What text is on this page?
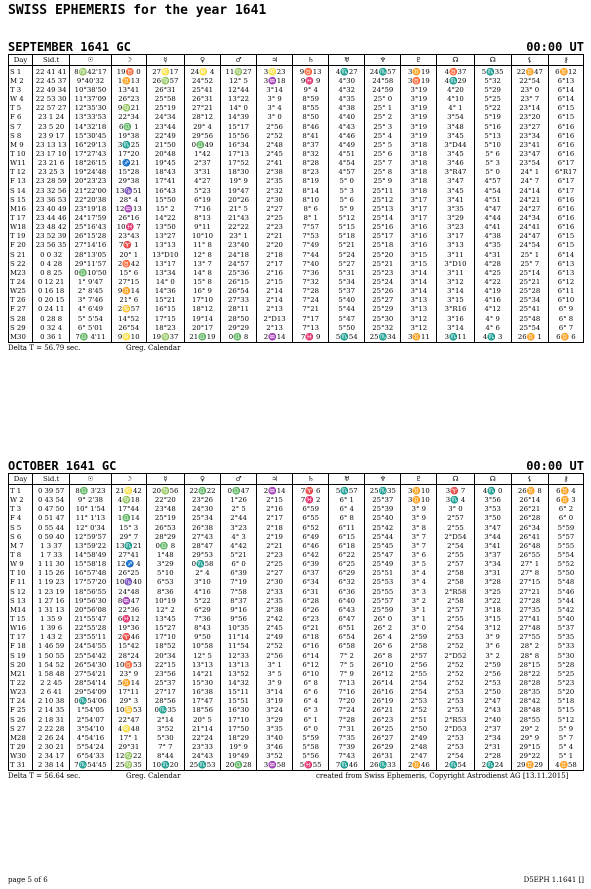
SWISS EPHEMERIS for the year 1641
SEPTEMBER 1641 GC	00:00 UT
Day	Sid.t	☉	☽	☿	♀	♂	♃	♄	♅	♆	♇	☊	☊	⚸	⚷
S 1	22 41 41	8♍42'17	19♉ 0	27♌17	24♌ 4	11♍27	3♌23	9♉13	4♏27	24♏57	3♊19	4♉37	5♏35	22♊47	6♊12
M 2	22 45 37	9°40'32	1♊13	26♍57	24°52	12° 5	3♒18	9♓ 9	4°30	24°58	3♉19	4♏29	5°32	22°54	6°13
T 3	22 49 34	10°38'50	13°41	26°31	25°41	12°44	3°14	9° 4	4°32	24°59	3°19	4°20	5°29	23° 0	6°14
W 4	22 53 30	11°37'09	26°23	25°58	26°31	13°22	3° 9	8°59	4°35	25° 0	3°19	4°10	5°25	23° 7	6°14
T 5	22 57 27	12°35'30	9♍21	25°19	27°21	14° 0	3° 4	8°55	4°38	25° 1	3°19	4° 1	5°22	23°14	6°15
F 6	23 1 24	13°33'53	22°34	24°34	28°12	14°39	3° 0	8°50	4°40	25° 2	3°19	3°54	5°19	23°20	6°15
S 7	23 5 20	14°32'18	6♎ 1	23°44	29° 4	15°17	2°56	8°46	4°43	25° 3	3°19	3°48	5°16	23°27	6°16
S 8	23 9 17	15°30'45	19°38	22°49	29°56	15°56	2°52	8°41	4°46	25° 4	3°19	3°45	5°13	23°34	6°16
M 9	23 13 13	16°29'13	3♏25	21°50	0♎49	16°34	2°48	8°37	4°49	25° 5	3°18	3°D44	5°10	23°41	6°16
T 10	23 17 10	17°27'43	17°20	20°48	1°42	17°13	2°45	8°32	4°51	25° 6	3°18	3°45	5° 6	23°47	6°16
W11	23 21 6	18°26'15	1♐21	19°45	2°37	17°52	2°41	8°28	4°54	25° 7	3°18	3°46	5° 3	23°54	6°17
T 12	23 25 3	19°24'48	15°28	18°43	3°31	18°30	2°38	8°23	4°57	25° 8	3°18	3°R47	5° 0	24° 1	6°R17
F 13	23 28 59	20°23'23	29°38	17°41	4°27	19° 9	2°35	8°19	5° 0	25° 9	3°18	3°47	4°57	24° 7	6°17
S 14	23 32 56	21°22'00	13♑51	16°43	5°23	19°47	2°32	8°14	5° 3	25°11	3°18	3°45	4°54	24°14	6°17
S 15	23 36 53	22°20'38	28° 4	15°50	6°19	20°26	2°30	8°10	5° 6	25°12	3°17	3°41	4°51	24°21	6°16
M16	23 40 49	23°19'18	12♒13	15° 2	7°16	21° 5	2°27	8° 6	5° 9	25°13	3°17	3°35	4°47	24°27	6°16
T 17	23 44 46	24°17'59	26°16	14°22	8°13	21°43	2°25	8° 1	5°12	25°14	3°17	3°29	4°44	24°34	6°16
W18	23 48 42	25°16'43	10♓ 7	13°50	9°11	22°22	2°23	7°57	5°15	25°16	3°16	3°23	4°41	24°41	6°16
T 19	23 52 39	26°15'28	23°43	13°27	10°10	23° 1	2°21	7°53	5°18	25°17	3°16	3°17	4°38	24°47	6°15
F 20	23 56 35	27°14'16	7♈ 1	13°13	11° 8	23°40	2°20	7°49	5°21	25°18	3°16	3°13	4°35	24°54	6°15
S 21	0 0 32	28°13'05	20° 1	13°D10	12° 8	24°18	2°18	7°44	5°24	25°20	3°15	3°11	4°31	25° 1	6°14
S 22	0 4 28	29°11'57	2♉42	13°17	13° 7	24°57	2°17	7°40	5°27	25°21	3°15	3°D10	4°28	25° 7	6°13
M23	0 8 25	0♎10'50	15° 6	13°34	14° 8	25°36	2°16	7°36	5°31	25°23	3°14	3°11	4°25	25°14	6°13
T 24	0 12 21	1° 9'47	27°15	14° 0	15° 8	26°15	2°15	7°32	5°34	25°24	3°14	3°12	4°22	25°21	6°12
W25	0 16 18	2° 8'45	9♊14	14°36	16° 9	26°54	2°14	7°28	5°37	25°26	3°14	3°14	4°19	25°28	6°11
T 26	0 20 15	3° 7'46	21° 6	15°21	17°10	27°33	2°14	7°24	5°40	25°27	3°13	3°15	4°16	25°34	6°10
F 27	0 24 11	4° 6'49	2♋57	16°15	18°12	28°11	2°13	7°21	5°44	25°29	3°13	3°R16	4°12	25°41	6° 9
S 28	0 28 8	5° 5'54	14°52	17°15	19°14	28°50	2°D13	7°17	5°47	25°30	3°12	3°16	4° 9	25°48	6° 8
S 29	0 32 4	6° 5'01	26°54	18°23	20°17	29°29	2°13	7°13	5°50	25°32	3°12	3°14	4° 6	25°54	6° 7
M30	0 36 1	7♎ 4'11	9♌10	19♍37	21♎19	0♎ 8	2♒14	7♓ 9	5♏54	25♏34	3♊11	3♏11	4♏ 3	26♊ 1	6♊ 6
Delta T = 56.79 sec.	Greg. Calendar
OCTOBER 1641 GC	00:00 UT
Day	Sid.t	☉	☽	☿	♀	♂	♃	♄	♅	♆	♇	☊	☊	⚸	⚷
T 1	0 39 57	8♎ 3'23	21♌42	20♍56	22♎22	0♎47	2♒14	7♈ 6	5♏57	25♏35	3♊10	3♈ 7	4♏ 0	26♊ 8	6♊ 4
W 2	0 43 54	9° 2'38	4♍18	22°20	23°26	1°26	2°15	7♓ 2	6° 1	25°37	3♊10	3♏ 4	3°56	26°14	6♊ 3
T 3	0 47 50	10° 1'54	17°44	23°48	24°30	2° 5	2°16	6°59	6° 4	25°39	3° 9	3° 0	3°53	26°21	6° 2
F 4	0 51 47	11° 1'13	1♎14	25°19	25°34	2°44	2°17	6°55	6° 8	25°40	3° 9	2°57	3°50	26°28	6° 0
S 5	0 55 44	12° 0'34	15° 3	26°53	26°38	3°23	2°18	6°52	6°11	25°42	3° 8	2°55	3°47	26°34	5°59
S 6	0 59 40	12°59'57	29° 7	28°29	27°43	4° 3	2°19	6°49	6°15	25°44	3° 7	2°D54	3°44	26°41	5°57
M 7	1 3 37	13°59'22	13♏21	0♎ 8	28°47	4°42	2°21	6°46	6°18	25°45	3° 7	2°54	3°41	26°48	5°55
T 8	1 7 33	14°58'49	27°41	1°48	29°53	5°21	2°23	6°42	6°22	25°47	3° 6	2°55	3°37	26°55	5°54
W 9	1 11 30	15°58'18	12♐ 4	3°29	0♏58	6° 0	2°25	6°39	6°25	25°49	3° 5	2°57	3°34	27° 1	5°52
T 10	1 15 26	16°57'48	26°25	5°10	2° 4	6°39	2°27	6°37	6°29	25°51	3° 4	2°58	3°31	27° 8	5°50
F 11	1 19 23	17°57'20	10♑40	6°53	3°10	7°19	2°30	6°34	6°32	25°53	3° 4	2°58	3°28	27°15	5°48
S 12	1 23 19	18°56'55	24°48	8°36	4°16	7°58	2°33	6°31	6°36	25°55	3° 3	2°R58	3°25	27°21	5°46
S 13	1 27 16	19°56'30	8♒47	10°19	5°22	8°37	2°35	6°28	6°40	25°57	3° 2	2°58	3°22	27°28	5°44
M14	1 31 13	20°56'08	22°36	12° 2	6°29	9°16	2°38	6°26	6°43	25°59	3° 1	2°57	3°18	27°35	5°42
T 15	1 35 9	21°55'47	6♓12	13°45	7°36	9°56	2°42	6°23	6°47	26° 0	3° 1	2°55	3°15	27°41	5°40
W16	1 39 6	22°55'28	19°36	15°27	8°43	10°35	2°45	6°21	6°51	26° 2	3° 0	2°54	3°12	27°48	5°37
T 17	1 43 2	23°55'11	2♈46	17°10	9°50	11°14	2°49	6°18	6°54	26° 4	2°59	2°53	3° 9	27°55	5°35
F 18	1 46 59	24°54'55	15°42	18°52	10°58	11°54	2°52	6°16	6°58	26° 6	2°58	2°52	3° 6	28° 2	5°33
S 19	1 50 55	25°54'42	28°24	20°34	12° 5	12°33	2°56	6°14	7° 2	26° 8	2°57	2°D52	3° 2	28° 8	5°30
S 20	1 54 52	26°54'30	10♉53	22°15	13°13	13°13	3° 1	6°12	7° 5	26°10	2°56	2°52	2°59	28°15	5°28
M21	1 58 48	27°54'21	23° 9	23°56	14°21	13°52	3° 5	6°10	7° 9	26°12	2°55	2°52	2°56	28°22	5°25
T 22	2 2 45	28°54'14	5♊14	25°37	15°30	14°32	3° 9	6° 8	7°13	26°14	2°54	2°52	2°53	28°28	5°23
W23	2 6 41	29°54'09	17°11	27°17	16°38	15°11	3°14	6° 6	7°16	26°16	2°54	2°53	2°50	28°35	5°20
T 24	2 10 38	0♏54'06	29° 3	28°56	17°47	15°51	3°19	6° 4	7°20	26°19	2°53	2°53	2°47	28°42	5°18
F 25	2 14 35	1°54'05	10♋53	0♏35	18°56	16°30	3°24	6° 3	7°24	26°21	2°52	2°53	2°43	28°48	5°15
S 26	2 18 31	2°54'07	22°47	2°14	20° 5	17°10	3°29	6° 1	7°28	26°23	2°51	2°R53	2°40	28°55	5°12
S 27	2 22 28	3°54'10	4♌48	3°52	21°14	17°50	3°35	6° 0	7°31	26°25	2°50	2°D53	2°37	29° 2	5° 9
M28	2 26 24	4°54'16	17° 1	5°30	22°24	18°29	3°40	5°59	7°35	26°27	2°49	2°53	2°34	29° 9	5° 7
T 29	2 30 21	5°54'24	29°31	7° 7	23°33	19° 9	3°46	5°58	7°39	26°29	2°48	2°53	2°31	29°15	5° 4
W30	2 34 17	6°54'33	12♍22	8°44	24°43	19°49	3°52	5°56	7°43	26°31	2°47	2°54	2°28	29°22	5° 1
T 31	2 38 14	7♏54'45	25♍35	10♏20	25♏53	20♎28	3♒58	5♓55	7♏46	26♏33	2♊46	2♏54	2♏24	29♊29	4♊58
Delta T = 56.64 sec.	Greg. Calendar	created from Swiss Ephemeris, Copyright Astrodienst AG [13.11.2015]
page 5 of 6	D5EPH 1.1641 []
